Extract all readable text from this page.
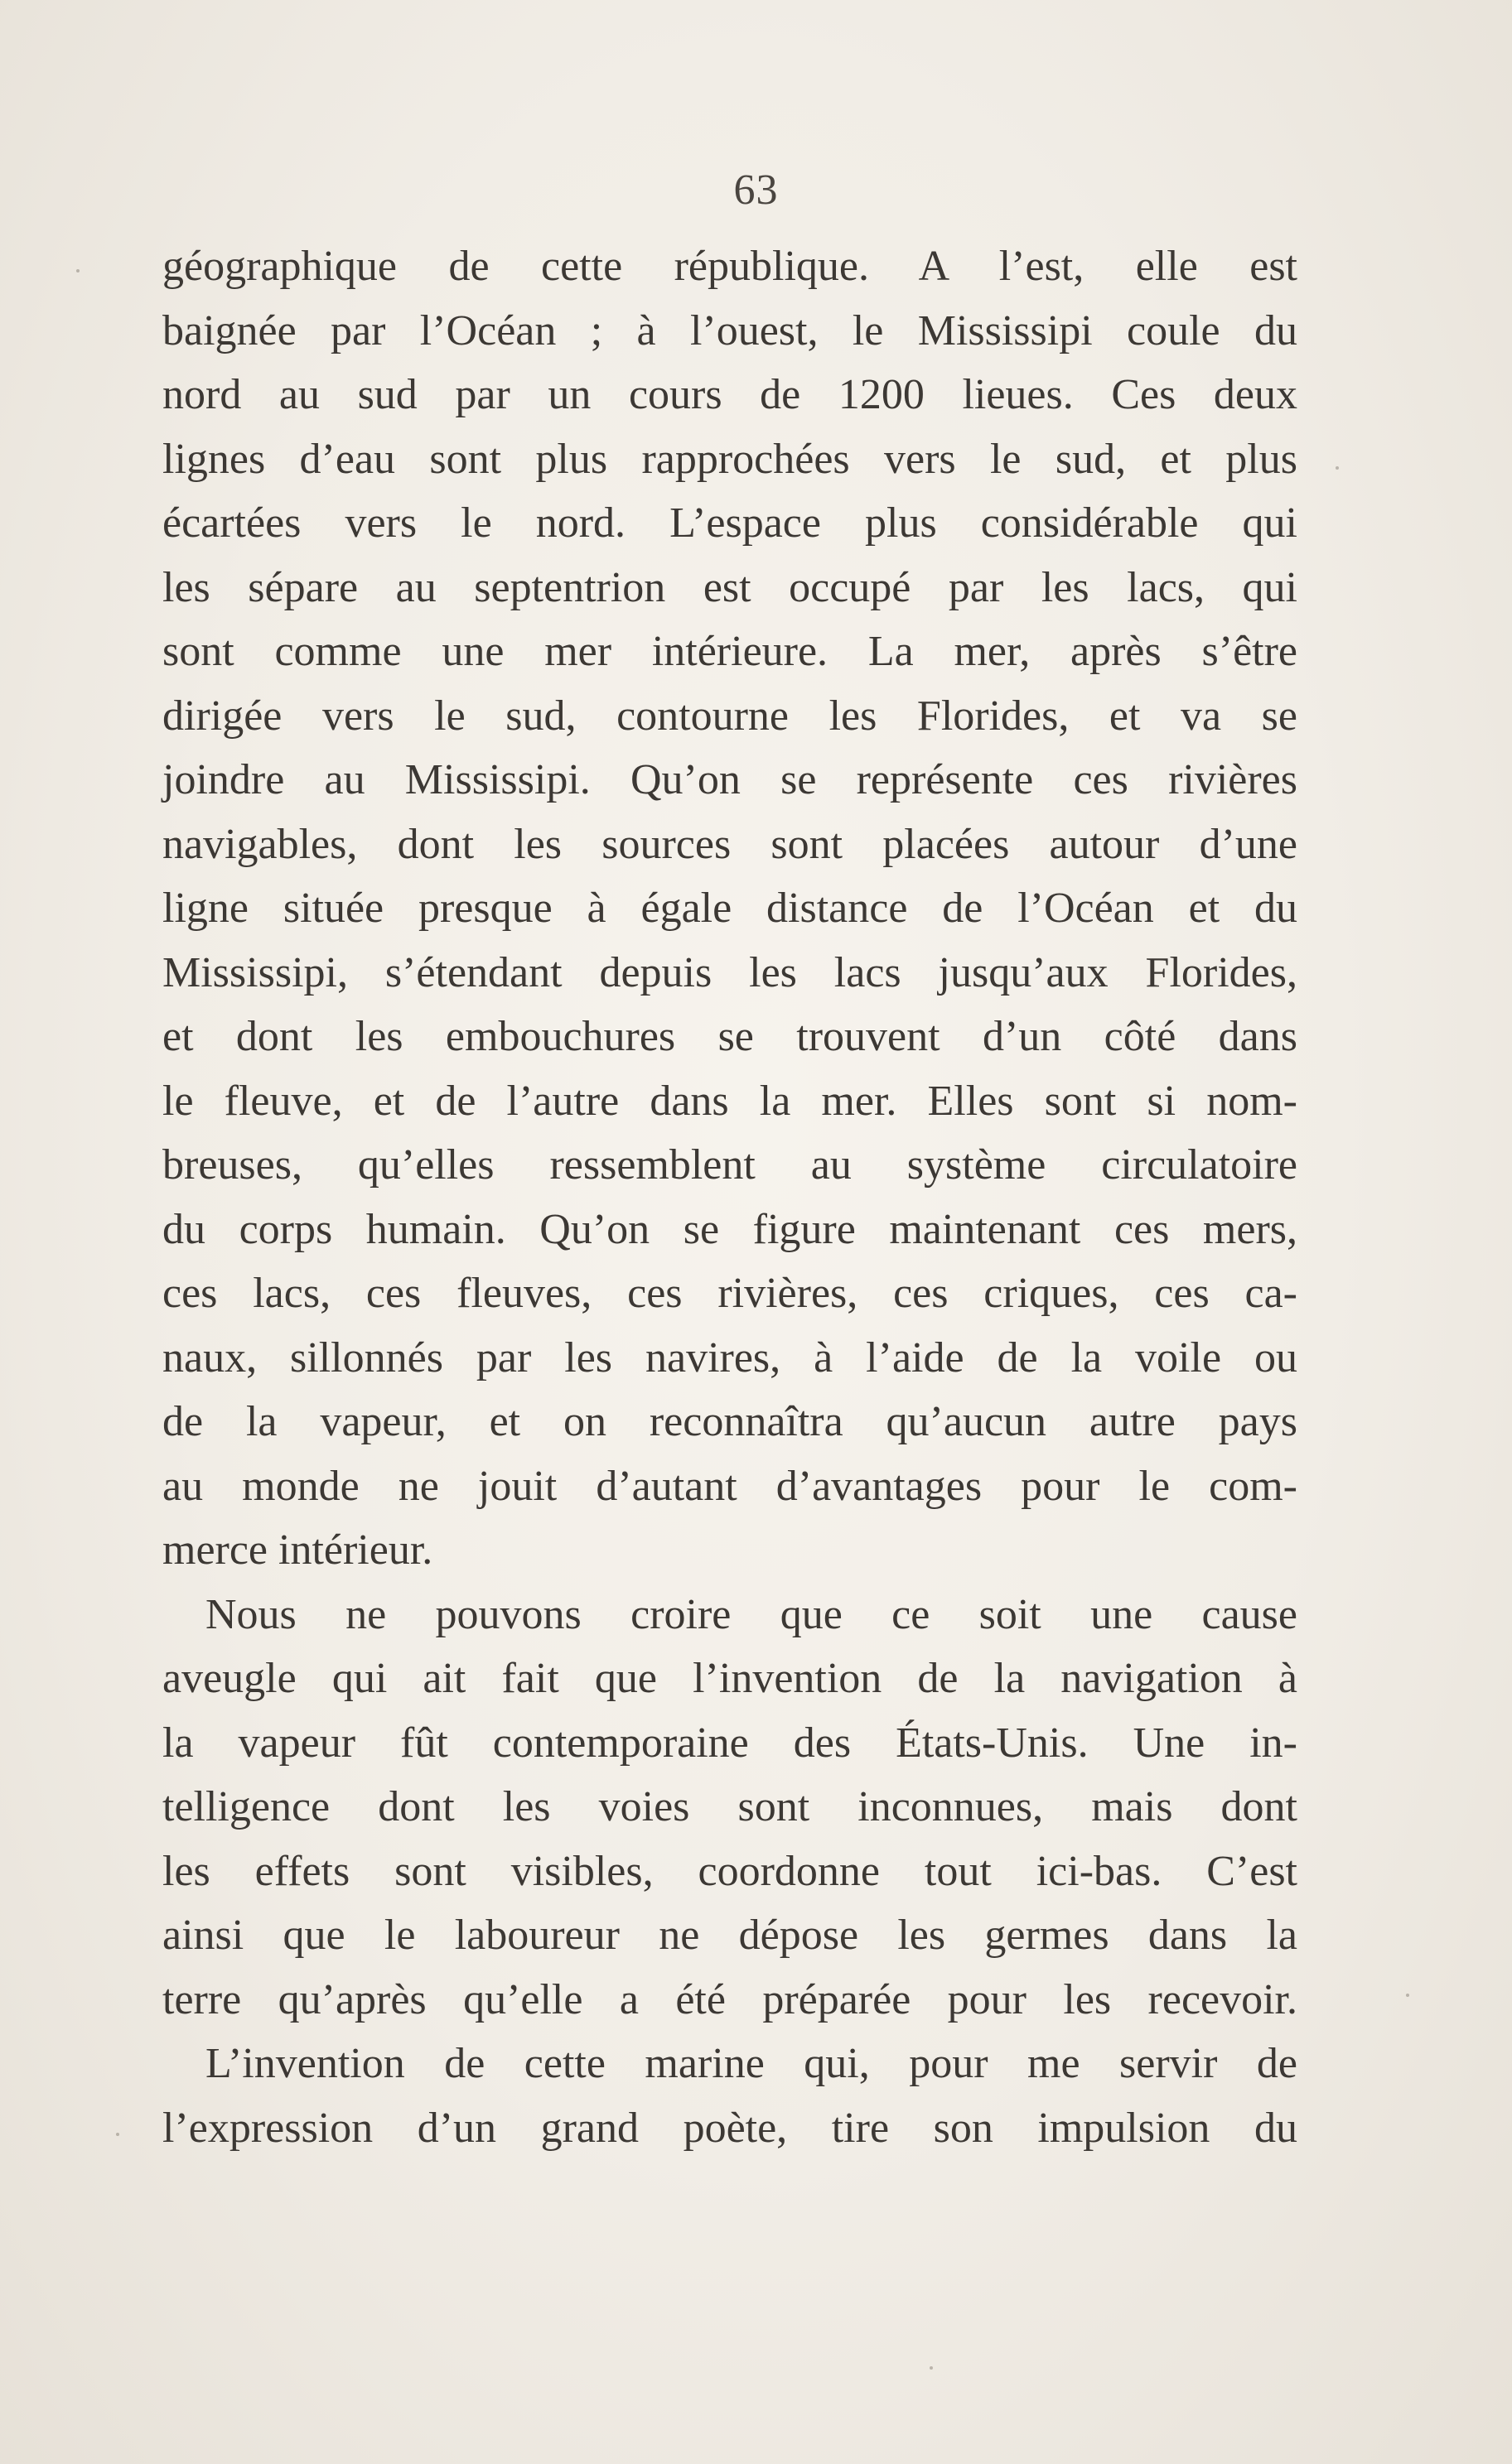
63
géographique de cette république. A l’est, elle est
baignée par l’Océan ; à l’ouest, le Mississipi coule du
nord au sud par un cours de 1200 lieues. Ces deux
lignes d’eau sont plus rapprochées vers le sud, et plus
écartées vers le nord. L’espace plus considérable qui
les sépare au septentrion est occupé par les lacs, qui
sont comme une mer intérieure. La mer, après s’être
dirigée vers le sud, contourne les Florides, et va se
joindre au Mississipi. Qu’on se représente ces rivières
navigables, dont les sources sont placées autour d’une
ligne située presque à égale distance de l’Océan et du
Mississipi, s’étendant depuis les lacs jusqu’aux Florides,
et dont les embouchures se trouvent d’un côté dans
le fleuve, et de l’autre dans la mer. Elles sont si nom-
breuses, qu’elles ressemblent au système circulatoire
du corps humain. Qu’on se figure maintenant ces mers,
ces lacs, ces fleuves, ces rivières, ces criques, ces ca-
naux, sillonnés par les navires, à l’aide de la voile ou
de la vapeur, et on reconnaîtra qu’aucun autre pays
au monde ne jouit d’autant d’avantages pour le com-
merce intérieur.
Nous ne pouvons croire que ce soit une cause
aveugle qui ait fait que l’invention de la navigation à
la vapeur fût contemporaine des États-Unis. Une in-
telligence dont les voies sont inconnues, mais dont
les effets sont visibles, coordonne tout ici-bas. C’est
ainsi que le laboureur ne dépose les germes dans la
terre qu’après qu’elle a été préparée pour les recevoir.
L’invention de cette marine qui, pour me servir de
l’expression d’un grand poète, tire son impulsion du
